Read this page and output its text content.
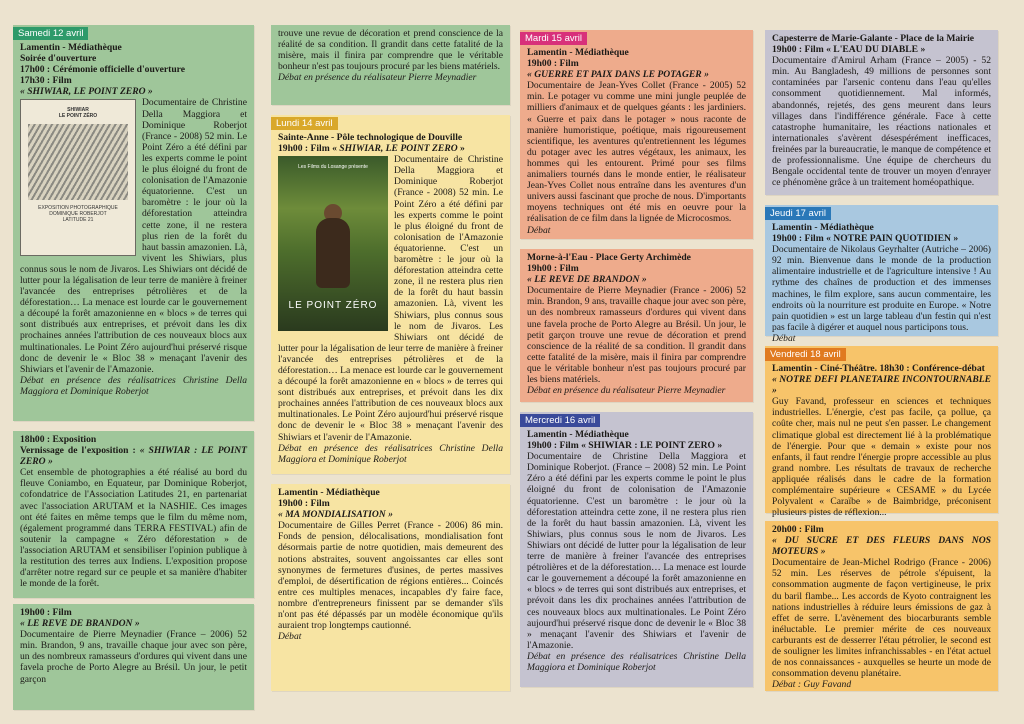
Samedi 12 avril

Lamentin - Médiathèque

Soirée d'ouverture

17h00 : Cérémonie officielle d'ouverture

17h30 : Film

« SHIWIAR, LE POINT ZERO »

SHIWIAR
LE POINT ZÉRO
EXPOSITION PHOTOGRAPHIQUE
DOMINIQUE ROBERJOT
LATITUDE 21

Documentaire de Christine Della Maggiora et Dominique Roberjot (France - 2008) 52 min. Le Point Zéro a été défini par les experts comme le point le plus éloigné du front de colonisation de l'Amazonie équatorienne. C'est un baromètre : le jour où la déforestation atteindra cette zone, il ne restera plus rien de la forêt du haut bassin amazonien. Là, vivent les Shiwiars, plus connus sous le nom de Jivaros. Les Shiwiars ont décidé de lutter pour la légalisation de leur terre de manière à freiner l'avancée des entreprises pétrolières et de la déforestation… La menace est lourde car le gouvernement a découpé la forêt amazonienne en « blocs » de terres qui sont distribués aux entreprises, et prévoit dans les dix prochaines années l'attribution de ces nouveaux blocs aux multinationales. Le Point Zéro aujourd'hui préservé risque donc de devenir le « Bloc 38 » menaçant l'avenir des Shiwiars et l'avenir de l'Amazonie.

Débat en présence des réalisatrices Christine Della Maggiora et Dominique Roberjot

18h00 : Exposition

Vernissage de l'exposition : « SHIWIAR : LE POINT ZERO »

Cet ensemble de photographies a été réalisé au bord du fleuve Coniambo, en Equateur, par Dominique Roberjot, cofondatrice de l'Association Latitudes 21, en partenariat avec l'association ARUTAM et la NASHIE. Ces images ont été faites en même temps que le film du même nom, (également programmé dans TERRA FESTIVAL) afin de soutenir la campagne « Zéro déforestation » de l'association ARUTAM et sensibiliser l'opinion publique à la restitution des terres aux Indiens. L'exposition propose d'arrêter notre regard sur ce peuple et sa manière d'habiter le monde de la forêt.

19h00 : Film

« LE REVE DE BRANDON »

Documentaire de Pierre Meynadier (France – 2006) 52 min. Brandon, 9 ans, travaille chaque jour avec son père, un des nombreux ramasseurs d'ordures qui vivent dans une favela proche de Porto Alegre au Brésil. Un jour, le petit garçon

trouve une revue de décoration et prend conscience de la réalité de sa condition. Il grandit dans cette fatalité de la misère, mais il finira par comprendre que le véritable bonheur n'est pas toujours procuré par les biens matériels.

Débat en présence du réalisateur Pierre Meynadier

Lundi 14 avril

Sainte-Anne - Pôle technologique de Douville

19h00 : Film « SHIWIAR, LE POINT ZERO »

Les Films du Losange présente
LE POINT ZÉRO

Documentaire de Christine Della Maggiora et Dominique Roberjot (France - 2008) 52 min. Le Point Zéro a été défini par les experts comme le point le plus éloigné du front de colonisation de l'Amazonie équatorienne. C'est un baromètre : le jour où la déforestation atteindra cette zone, il ne restera plus rien de la forêt du haut bassin amazonien. Là, vivent les Shiwiars, plus connus sous le nom de Jivaros. Les Shiwiars ont décidé de lutter pour la légalisation de leur terre de manière à freiner l'avancée des entreprises pétrolières et de la déforestation… La menace est lourde car le gouvernement a découpé la forêt amazonienne en « blocs » de terres qui sont distribués aux entreprises, et prévoit dans les dix prochaines années l'attribution de ces nouveaux blocs aux multinationales. Le Point Zéro aujourd'hui préservé risque donc de devenir le « Bloc 38 » menaçant l'avenir des Shiwiars et l'avenir de l'Amazonie.

Débat en présence des réalisatrices Christine Della Maggiora et Dominique Roberjot

Lamentin - Médiathèque

19h00 : Film

« MA MONDIALISATION »

Documentaire de Gilles Perret (France - 2006) 86 min. Fonds de pension, délocalisations, mondialisation font désormais partie de notre quotidien, mais demeurent des notions abstraites, souvent angoissantes car elles sont synonymes de fermetures d'usines, de pertes massives d'emploi, de désertification de régions entières... Coincés entre ces multiples menaces, incapables d'y faire face, nombre d'entrepreneurs finissent par se demander s'ils n'ont pas été dépassés par un modèle économique qu'ils auraient trop longtemps cautionné.

Débat

Mardi 15 avril

Lamentin - Médiathèque

19h00 : Film

« GUERRE ET PAIX DANS LE POTAGER »

Documentaire de Jean-Yves Collet (France - 2005) 52 min. Le potager vu comme une mini jungle peuplée de milliers d'animaux et de quelques géants : les jardiniers. « Guerre et paix dans le potager » nous raconte de manière humoristique, poétique, mais rigoureusement scientifique, les aventures qu'entretiennent les légumes du potager avec les autres végétaux, les animaux, les hommes qui les entourent. Primé pour ses films animaliers tournés dans le monde entier, le réalisateur Jean-Yves Collet nous entraîne dans les aventures d'un univers aussi fascinant que proche de nous. D'importants moyens techniques ont été mis en oeuvre pour la réalisation de ce film dans la lignée de Microcosmos.

Débat

Morne-à-l'Eau - Place Gerty Archimède

19h00 : Film

« LE REVE DE BRANDON »

Documentaire de Pierre Meynadier (France - 2006) 52 min. Brandon, 9 ans, travaille chaque jour avec son père, un des nombreux ramasseurs d'ordures qui vivent dans une favela proche de Porto Alegre au Brésil. Un jour, le petit garçon trouve une revue de décoration et prend conscience de la réalité de sa condition. Il grandit dans cette fatalité de la misère, mais il finira par comprendre que le véritable bonheur n'est pas toujours procuré par les biens matériels.

Débat en présence du réalisateur Pierre Meynadier

Mercredi 16 avril

Lamentin - Médiathèque

19h00 : Film « SHIWIAR : LE POINT ZERO »

Documentaire de Christine Della Maggiora et Dominique Roberjot. (France – 2008) 52 min. Le Point Zéro a été défini par les experts comme le point le plus éloigné du front de colonisation de l'Amazonie équatorienne. C'est un baromètre : le jour où la déforestation atteindra cette zone, il ne restera plus rien de la forêt du haut bassin amazonien. Là, vivent les Shiwiars, plus connus sous le nom de Jivaros. Les Shiwiars ont décidé de lutter pour la légalisation de leur terre de manière à freiner l'avancée des entreprises pétrolières et de la déforestation… La menace est lourde car le gouvernement a découpé la forêt amazonienne en « blocs » de terres qui sont distribués aux entreprises, et prévoit dans les dix prochaines années l'attribution de ces nouveaux blocs aux multinationales. Le Point Zéro aujourd'hui préservé risque donc de devenir le « Bloc 38 » menaçant l'avenir des Shiwiars et l'avenir de l'Amazonie.

Débat en présence des réalisatrices Christine Della Maggiora et Dominique Roberjot

Capesterre de Marie-Galante - Place de la Mairie

19h00 : Film « L'EAU DU DIABLE »

Documentaire d'Amirul Arham (France – 2005) - 52 min. Au Bangladesh, 49 millions de personnes sont contaminées par l'arsenic contenu dans l'eau qu'elles consomment quotidiennement. Mal informés, abandonnés, rejetés, des gens meurent dans leurs villages dans l'indifférence générale. Face à cette catastrophe humanitaire, les réactions nationales et internationales s'avèrent désespérément inefficaces, freinées par la bureaucratie, le manque de compétence et de professionnalisme. Une équipe de chercheurs du Bengale occidental tente de trouver un moyen d'enrayer ce phénomène grâce à un traitement homéopathique.

Jeudi 17 avril

Lamentin - Médiathèque

19h00 : Film « NOTRE PAIN QUOTIDIEN »

Documentaire de Nikolaus Geyrhalter (Autriche – 2006) 92 min. Bienvenue dans le monde de la production alimentaire industrielle et de l'agriculture intensive ! Au rythme des chaînes de production et des immenses machines, le film explore, sans aucun commentaire, les endroits où la nourriture est produite en Europe. « Notre pain quotidien » est un large tableau d'un festin qui n'est pas facile à digérer et auquel nous participons tous.

Débat

Vendredi 18 avril

Lamentin - Ciné-Théâtre. 18h30 : Conférence-débat

« NOTRE DEFI PLANETAIRE INCONTOURNABLE »

Guy Favand, professeur en sciences et techniques industrielles. L'énergie, c'est pas facile, ça pollue, ça coûte cher, mais nul ne peut s'en passer. Le changement climatique global est directement lié à la problématique de l'énergie. Pour que « demain » existe pour nos enfants, il faut rendre l'énergie propre accessible au plus grand nombre. Les résultats de travaux de recherche appliquée réalisés dans le cadre de la formation complémentaire supérieure « CESAME » du Lycée Polyvalent « Caraïbe » de Baimbridge, préconisent plusieurs pistes de réflexion...

20h00 : Film

« DU SUCRE ET DES FLEURS DANS NOS MOTEURS »

Documentaire de Jean-Michel Rodrigo (France - 2006) 52 min. Les réserves de pétrole s'épuisent, la consommation augmente de façon vertigineuse, le prix du baril flambe... Les accords de Kyoto contraignent les nations industrielles à réduire leurs émissions de gaz à effet de serre. L'avènement des biocarburants semble inéluctable. Le premier mérite de ces nouveaux carburants est de desserrer l'étau pétrolier, le second est de souligner les limites infranchissables - en l'état actuel de nos connaissances - auxquelles se heurte un mode de consommation devenu planétaire.

Débat : Guy Favand
